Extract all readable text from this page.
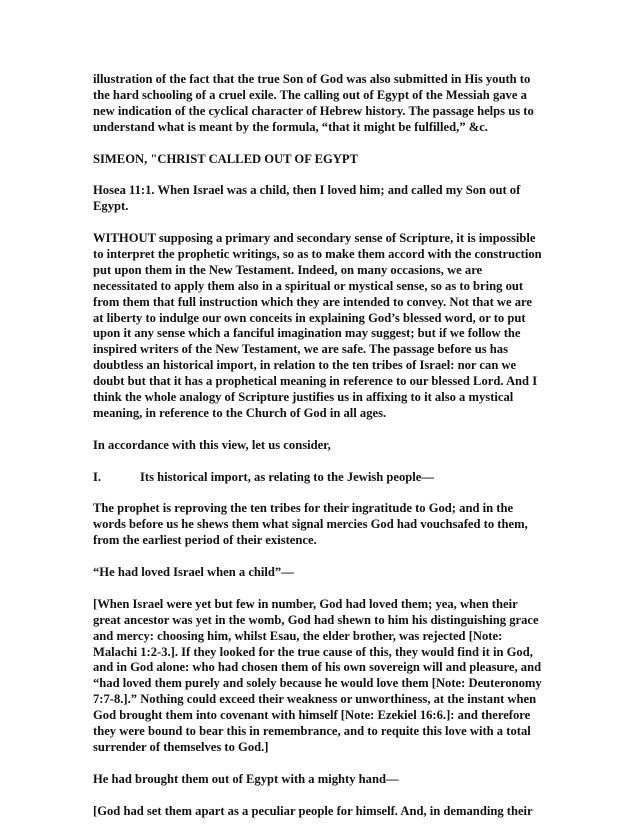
illustration of the fact that the true Son of God was also submitted in His youth to
the hard schooling of a cruel exile. The calling out of Egypt of the Messiah gave a
new indication of the cyclical character of Hebrew history. The passage helps us to
understand what is meant by the formula, “that it might be fulfilled,” &c.

SIMEON, "CHRIST CALLED OUT OF EGYPT

Hosea 11:1. When Israel was a child, then I loved him; and called my Son out of
Egypt.

WITHOUT supposing a primary and secondary sense of Scripture, it is impossible
to interpret the prophetic writings, so as to make them accord with the construction
put upon them in the New Testament. Indeed, on many occasions, we are
necessitated to apply them also in a spiritual or mystical sense, so as to bring out
from them that full instruction which they are intended to convey. Not that we are
at liberty to indulge our own conceits in explaining God’s blessed word, or to put
upon it any sense which a fanciful imagination may suggest; but if we follow the
inspired writers of the New Testament, we are safe. The passage before us has
doubtless an historical import, in relation to the ten tribes of Israel: nor can we
doubt but that it has a prophetical meaning in reference to our blessed Lord. And I
think the whole analogy of Scripture justifies us in affixing to it also a mystical
meaning, in reference to the Church of God in all ages.

In accordance with this view, let us consider,

I.	Its historical import, as relating to the Jewish people—

The prophet is reproving the ten tribes for their ingratitude to God; and in the
words before us he shews them what signal mercies God had vouchsafed to them,
from the earliest period of their existence.

“He had loved Israel when a child”—

[When Israel were yet but few in number, God had loved them; yea, when their
great ancestor was yet in the womb, God had shewn to him his distinguishing grace
and mercy: choosing him, whilst Esau, the elder brother, was rejected [Note:
Malachi 1:2-3.]. If they looked for the true cause of this, they would find it in God,
and in God alone: who had chosen them of his own sovereign will and pleasure, and
“had loved them purely and solely because he would love them [Note: Deuteronomy
7:7-8.].” Nothing could exceed their weakness or unworthiness, at the instant when
God brought them into covenant with himself [Note: Ezekiel 16:6.]: and therefore
they were bound to bear this in remembrance, and to requite this love with a total
surrender of themselves to God.]

He had brought them out of Egypt with a mighty hand—

[God had set them apart as a peculiar people for himself. And, in demanding their
